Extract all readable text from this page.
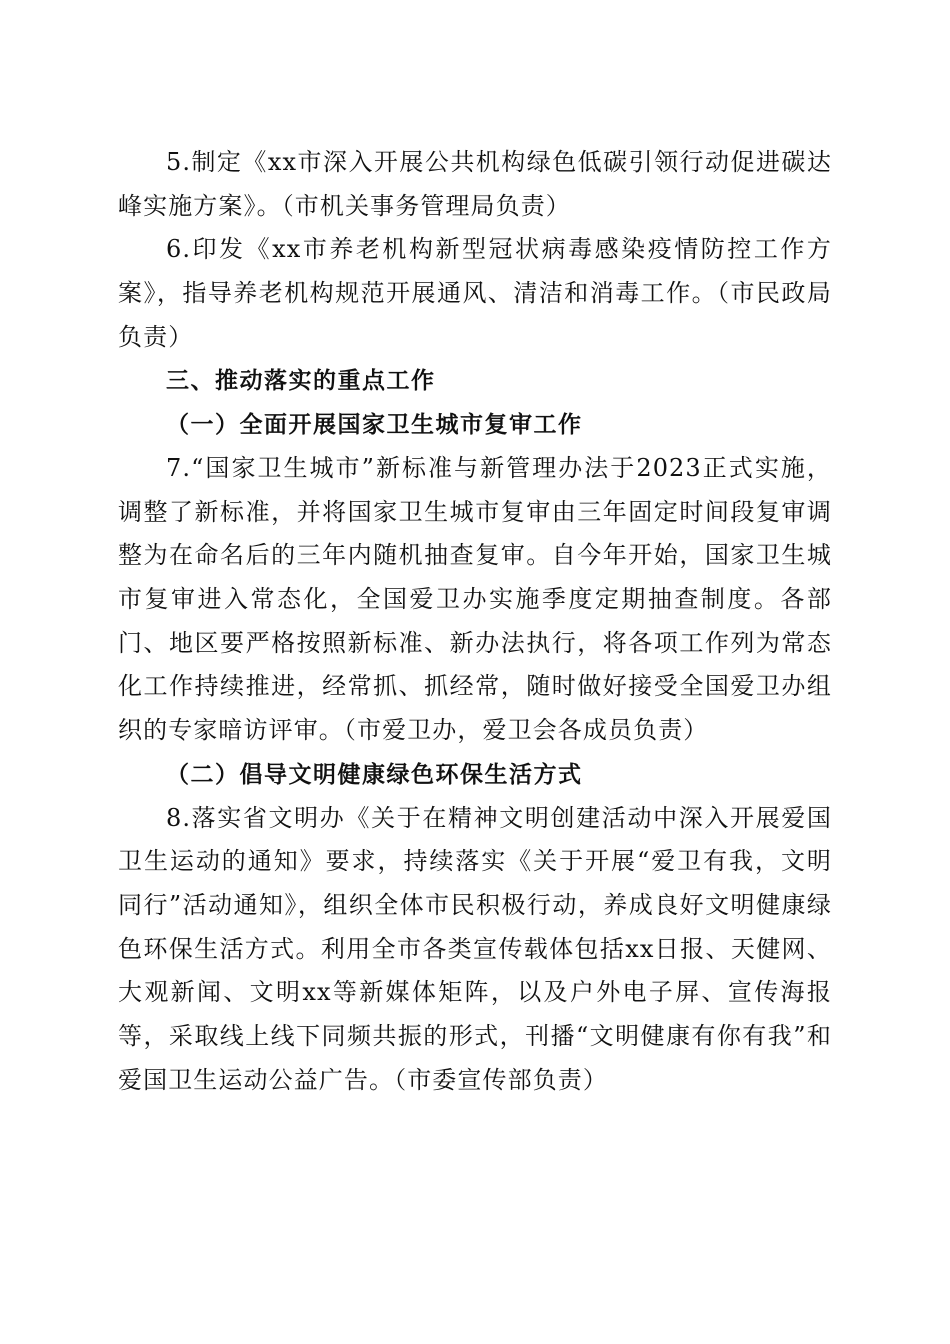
5.制定《xx市深入开展公共机构绿色低碳引领行动促进碳达峰实施方案》。（市机关事务管理局负责）

6.印发《xx市养老机构新型冠状病毒感染疫情防控工作方案》，指导养老机构规范开展通风、清洁和消毒工作。（市民政局负责）

三、推动落实的重点工作

（一）全面开展国家卫生城市复审工作

7.“国家卫生城市”新标准与新管理办法于2023正式实施，调整了新标准，并将国家卫生城市复审由三年固定时间段复审调整为在命名后的三年内随机抽查复审。自今年开始，国家卫生城市复审进入常态化，全国爱卫办实施季度定期抽查制度。各部门、地区要严格按照新标准、新办法执行，将各项工作列为常态化工作持续推进，经常抓、抓经常，随时做好接受全国爱卫办组织的专家暗访评审。（市爱卫办，爱卫会各成员负责）

（二）倡导文明健康绿色环保生活方式

8.落实省文明办《关于在精神文明创建活动中深入开展爱国卫生运动的通知》要求，持续落实《关于开展“爱卫有我，文明同行”活动通知》，组织全体市民积极行动，养成良好文明健康绿色环保生活方式。利用全市各类宣传载体包括xx日报、天健网、大观新闻、文明xx等新媒体矩阵，以及户外电子屏、宣传海报等，采取线上线下同频共振的形式，刊播“文明健康有你有我”和爱国卫生运动公益广告。（市委宣传部负责）
